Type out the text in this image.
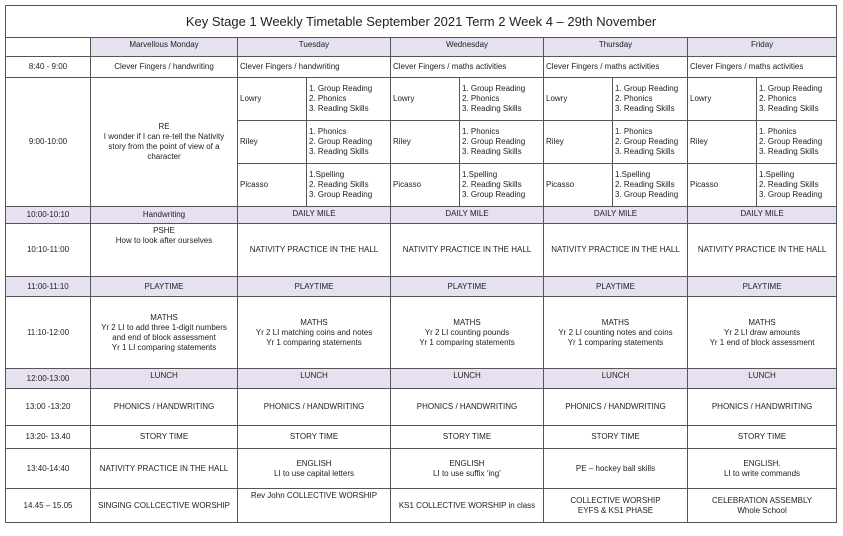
Key Stage 1 Weekly Timetable September 2021 Term 2 Week 4 – 29th November									
	Marvellous Monday	Tuesday		Wednesday		Thursday		Friday	
8:40 - 9:00	Clever Fingers / handwriting	Clever Fingers / handwriting		Clever Fingers / maths activities		Clever Fingers / maths activities		Clever Fingers / maths activities	
9:00-10:00	RE
I wonder if I can re-tell the Nativity
story from the point of view of a
character	Lowry	1. Group Reading
2. Phonics
3. Reading Skills	Lowry	1. Group Reading
2. Phonics
3. Reading Skills	Lowry	1. Group Reading
2. Phonics
3. Reading Skills	Lowry	1. Group Reading
2. Phonics
3. Reading Skills

		Riley	1. Phonics
2. Group Reading
3. Reading Skills	Riley	1. Phonics
2. Group Reading
3. Reading Skills	Riley	1. Phonics
2. Group Reading
3. Reading Skills	Riley	1. Phonics
2. Group Reading
3. Reading Skills

		Picasso	1.Spelling
2. Reading Skills
3. Group Reading	Picasso	1.Spelling
2. Reading Skills
3. Group Reading	Picasso	1.Spelling
2. Reading Skills
3. Group Reading	Picasso	1.Spelling
2. Reading Skills
3. Group Reading

10:00-10:10	Handwriting	DAILY MILE		DAILY MILE		DAILY MILE		DAILY MILE	
10:10-11:00	PSHE
How to look after ourselves	NATIVITY PRACTICE IN THE HALL		NATIVITY PRACTICE IN THE HALL		NATIVITY PRACTICE IN THE HALL		NATIVITY PRACTICE IN THE HALL	
11:00-11:10	PLAYTIME	PLAYTIME		PLAYTIME		PLAYTIME		PLAYTIME	
11:10-12:00	MATHS
Yr 2 LI to add three 1-digit numbers
and end of block assessment
Yr 1 LI comparing statements	MATHS
Yr 2 LI matching coins and notes
Yr 1 comparing statements		MATHS
Yr 2 LI counting pounds
Yr 1 comparing statements		MATHS
Yr 2 LI counting notes and coins
Yr 1 comparing statements		MATHS
Yr 2 LI draw amounts
Yr 1 end of block assessment	

12:00-13:00	LUNCH	LUNCH		LUNCH		LUNCH		LUNCH	
13:00 -13:20	PHONICS / HANDWRITING	PHONICS / HANDWRITING		PHONICS / HANDWRITING		PHONICS / HANDWRITING		PHONICS / HANDWRITING	
13:20- 13.40	STORY TIME	STORY TIME		STORY TIME		STORY TIME		STORY TIME	
13:40-14:40	NATIVITY PRACTICE IN THE HALL	ENGLISH
LI to use capital letters		ENGLISH
LI to use suffix ‘ing’		PE – hockey ball skills		ENGLISH.
LI to write commands	

14.45 – 15.05	SINGING COLLCECTIVE WORSHIP	Rev John COLLECTIVE WORSHIP		KS1 COLLECTIVE WORSHIP in class		COLLECTIVE WORSHIP
EYFS & KS1 PHASE		CELEBRATION ASSEMBLY
Whole School	
